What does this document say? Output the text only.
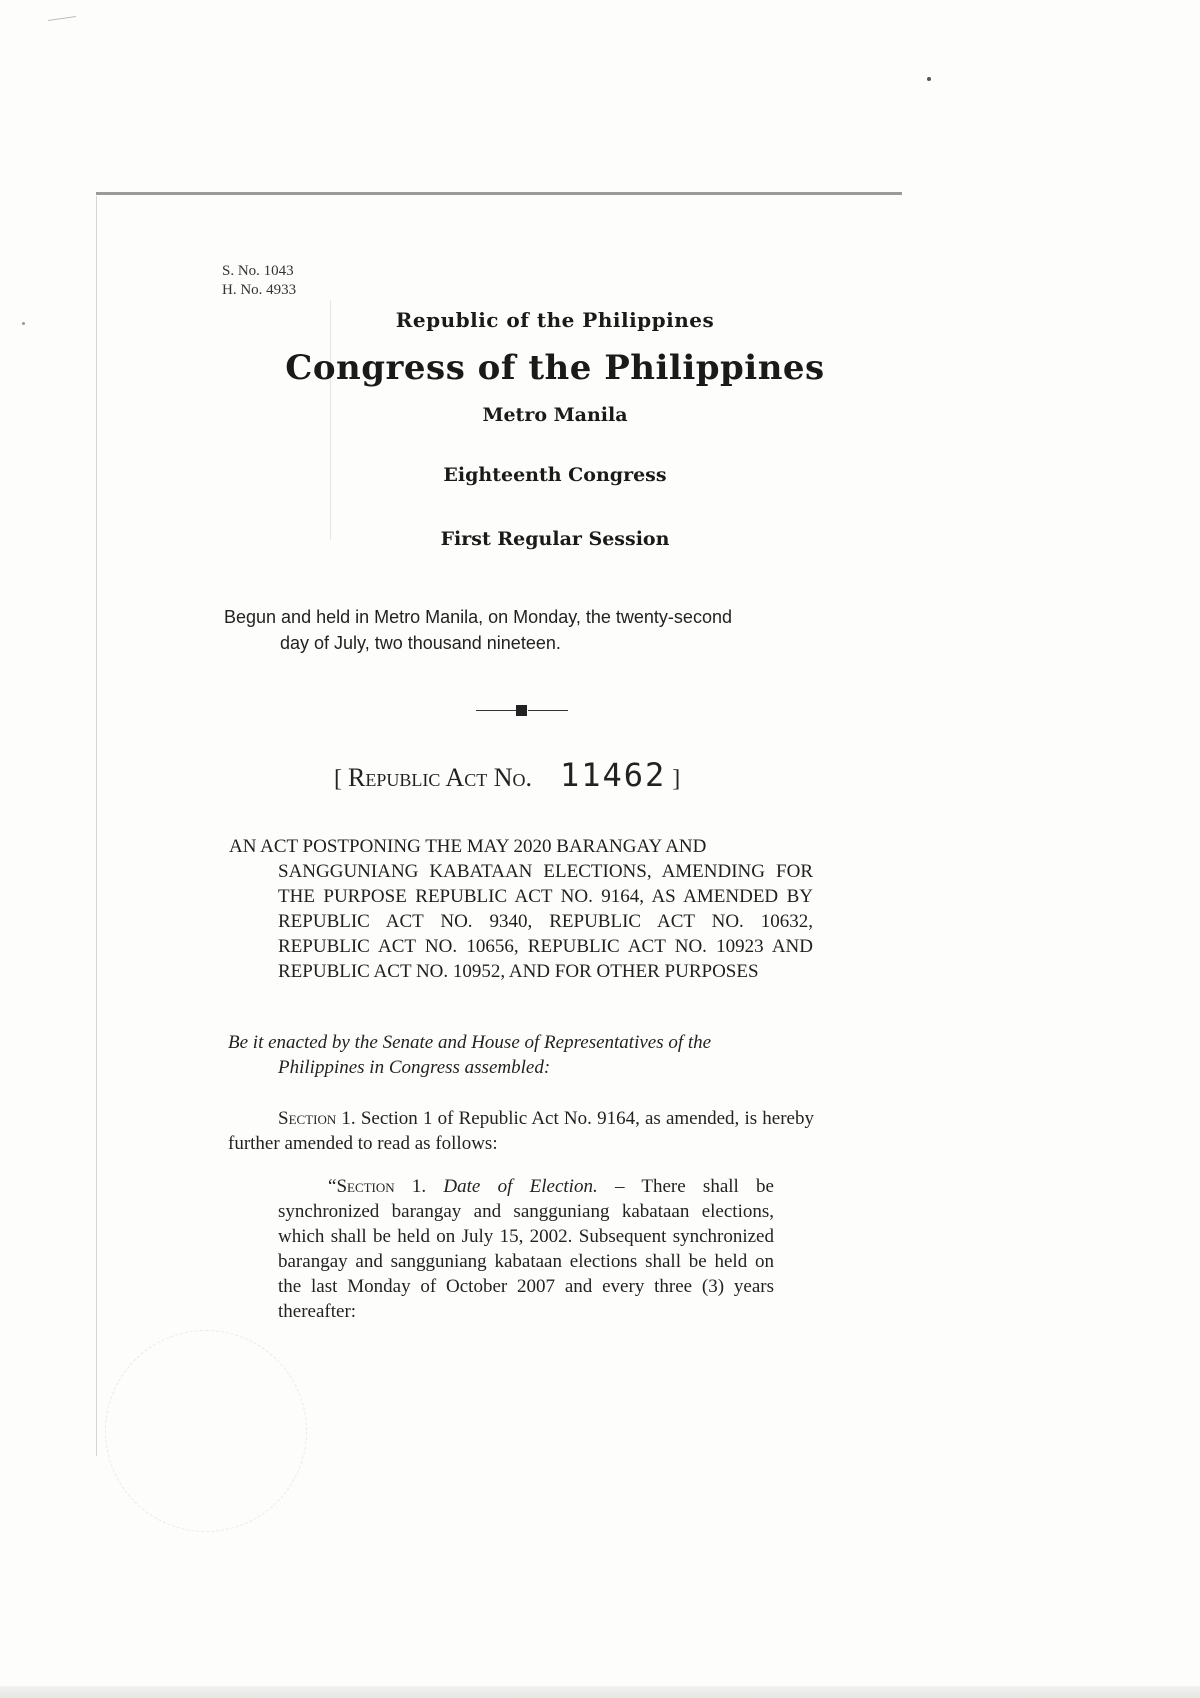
S. No. 1043
H. No. 4933
Republic of the Philippines
Congress of the Philippines
Metro Manila
Eighteenth Congress
First Regular Session
Begun and held in Metro Manila, on Monday, the twenty-second
day of July, two thousand nineteen.
[ Republic Act No. 11462 ]
AN ACT POSTPONING THE MAY 2020 BARANGAY AND
SANGGUNIANG KABATAAN ELECTIONS, AMENDING FOR THE PURPOSE REPUBLIC ACT NO. 9164, AS AMENDED BY REPUBLIC ACT NO. 9340, REPUBLIC ACT NO. 10632, REPUBLIC ACT NO. 10656, REPUBLIC ACT NO. 10923 AND REPUBLIC ACT NO. 10952, AND FOR OTHER PURPOSES
Be it enacted by the Senate and House of Representatives of the
Philippines in Congress assembled:
Section 1. Section 1 of Republic Act No. 9164, as amended, is hereby further amended to read as follows:
“Section 1. Date of Election. – There shall be synchronized barangay and sangguniang kabataan elections, which shall be held on July 15, 2002. Subsequent synchronized barangay and sangguniang kabataan elections shall be held on the last Monday of October 2007 and every three (3) years thereafter:
